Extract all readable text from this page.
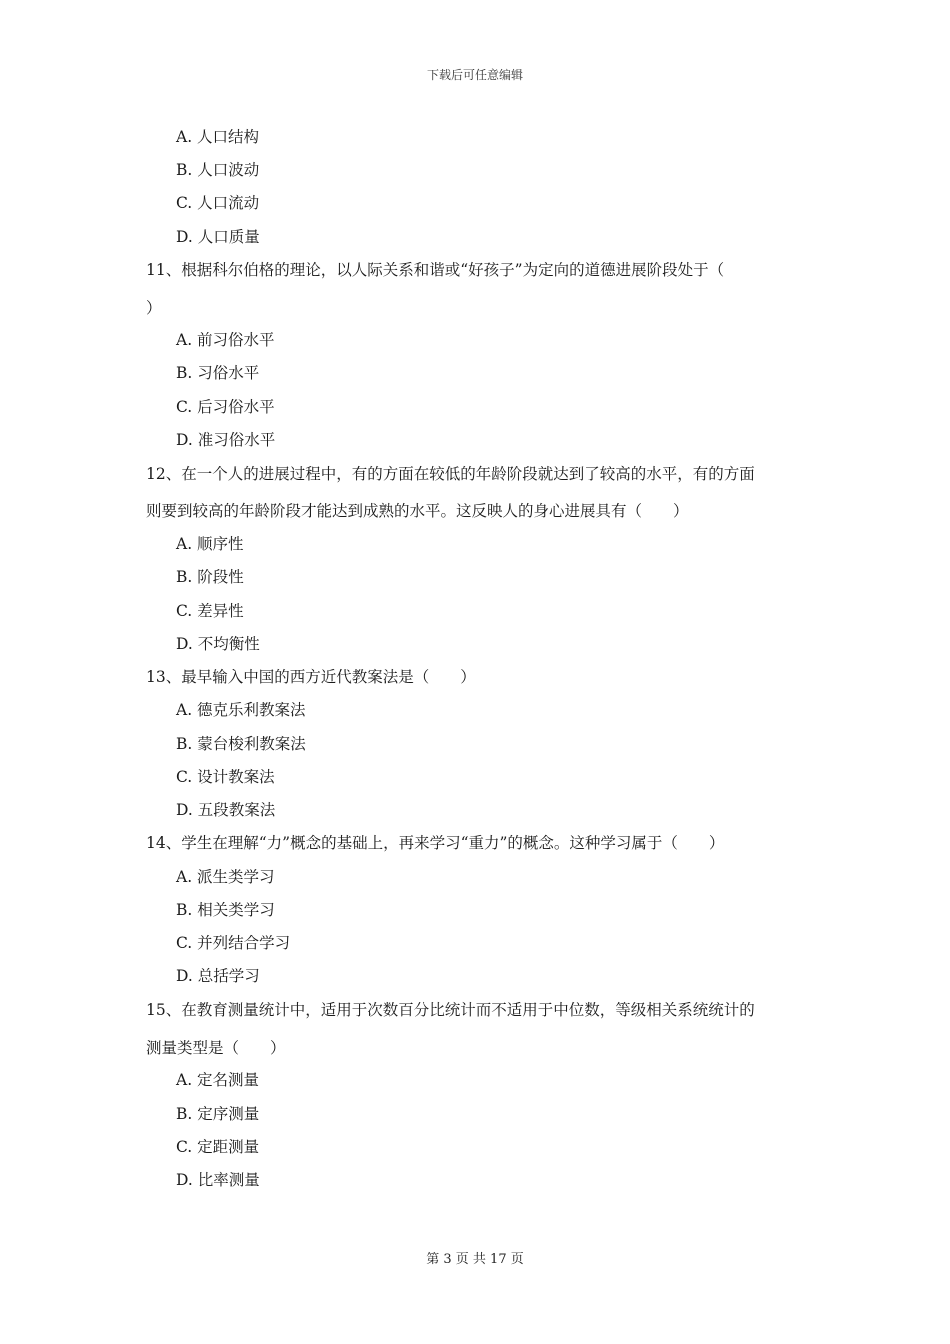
下载后可任意编辑
A. 人口结构
B. 人口波动
C. 人口流动
D. 人口质量
11、根据科尔伯格的理论，以人际关系和谐或“好孩子”为定向的道德进展阶段处于（
）
A. 前习俗水平
B. 习俗水平
C. 后习俗水平
D. 准习俗水平
12、在一个人的进展过程中，有的方面在较低的年龄阶段就达到了较高的水平，有的方面
则要到较高的年龄阶段才能达到成熟的水平。这反映人的身心进展具有（　　）
A. 顺序性
B. 阶段性
C. 差异性
D. 不均衡性
13、最早输入中国的西方近代教案法是（　　）
A. 德克乐利教案法
B. 蒙台梭利教案法
C. 设计教案法
D. 五段教案法
14、学生在理解“力”概念的基础上，再来学习“重力”的概念。这种学习属于（　　）
A. 派生类学习
B. 相关类学习
C. 并列结合学习
D. 总括学习
15、在教育测量统计中，适用于次数百分比统计而不适用于中位数，等级相关系统统计的
测量类型是（　　）
A. 定名测量
B. 定序测量
C. 定距测量
D. 比率测量
第 3 页 共 17 页
